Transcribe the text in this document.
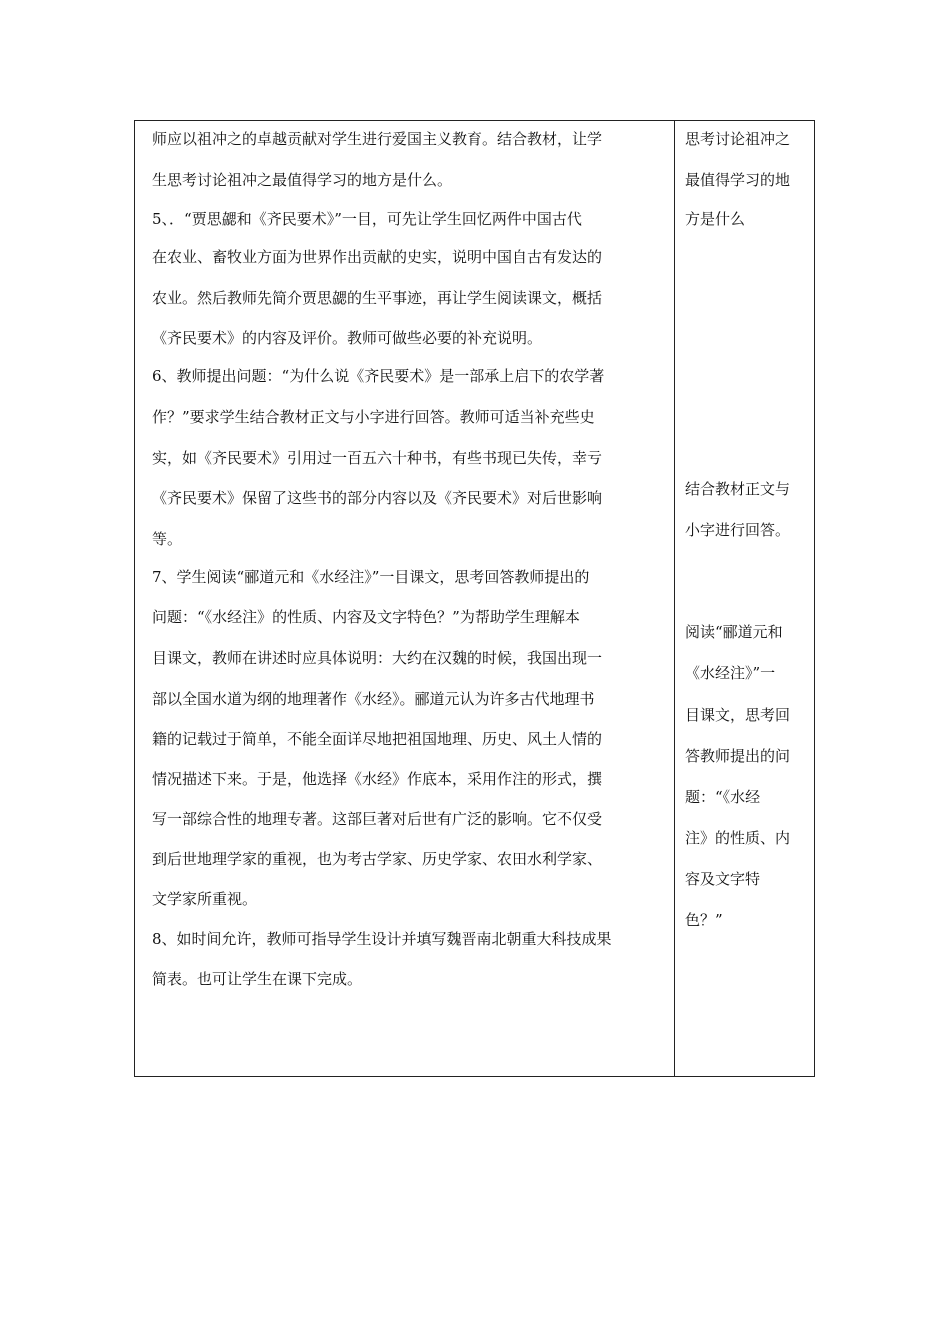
师应以祖冲之的卓越贡献对学生进行爱国主义教育。结合教材，让学
生思考讨论祖冲之最值得学习的地方是什么。
5、．“贾思勰和《齐民要术》”一目，可先让学生回忆两件中国古代
在农业、畜牧业方面为世界作出贡献的史实，说明中国自古有发达的
农业。然后教师先简介贾思勰的生平事迹，再让学生阅读课文，概括
《齐民要术》的内容及评价。教师可做些必要的补充说明。
6、教师提出问题：“为什么说《齐民要术》是一部承上启下的农学著
作？”要求学生结合教材正文与小字进行回答。教师可适当补充些史
实，如《齐民要术》引用过一百五六十种书，有些书现已失传，幸亏
《齐民要术》保留了这些书的部分内容以及《齐民要术》对后世影响
等。
7、学生阅读“郦道元和《水经注》”一目课文，思考回答教师提出的
问题：“《水经注》的性质、内容及文字特色？”为帮助学生理解本
目课文，教师在讲述时应具体说明：大约在汉魏的时候，我国出现一
部以全国水道为纲的地理著作《水经》。郦道元认为许多古代地理书
籍的记载过于简单，不能全面详尽地把祖国地理、历史、风土人情的
情况描述下来。于是，他选择《水经》作底本，采用作注的形式，撰
写一部综合性的地理专著。这部巨著对后世有广泛的影响。它不仅受
到后世地理学家的重视，也为考古学家、历史学家、农田水利学家、
文学家所重视。
8、如时间允许，教师可指导学生设计并填写魏晋南北朝重大科技成果
简表。也可让学生在课下完成。
思考讨论祖冲之
最值得学习的地
方是什么
结合教材正文与
小字进行回答。
阅读“郦道元和
《水经注》”一
目课文，思考回
答教师提出的问
题：“《水经
注》的性质、内
容及文字特
色？”
